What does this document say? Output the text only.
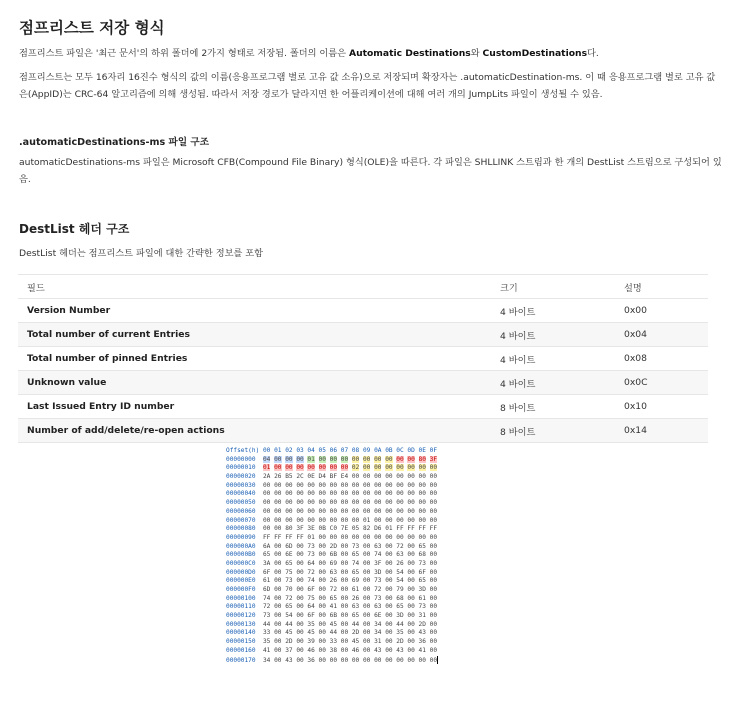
점프리스트 저장 형식
점프리스트 파일은 '최근 문서'의 하위 폴더에 2가지 형태로 저장됨. 폴더의 이름은 Automatic Destinations와 CustomDestinations다.
점프리스트는 모두 16자리 16진수 형식의 값의 이름(응용프로그램 별로 고유 값 소유)으로 저장되며 확장자는 .automaticDestination-ms. 이 때 응용프로그램 별로 고유 값은(AppID)는 CRC-64 알고리즘에 의해 생성됨. 따라서 저장 경로가 달라지면 한 어플리케이션에 대해 여러 개의 JumpLits 파일이 생성될 수 있음.
.automaticDestinations-ms 파일 구조
automaticDestinations-ms 파일은 Microsoft CFB(Compound File Binary) 형식(OLE)을 따른다. 각 파일은 SHLLINK 스트림과 한 개의 DestList 스트림으로 구성되어 있음.
DestList 헤더 구조
DestList 헤더는 점프리스트 파일에 대한 간략한 정보를 포함
필드	크기	설명
Version Number	4 바이트	0x00
Total number of current Entries	4 바이트	0x04
Total number of pinned Entries	4 바이트	0x08
Unknown value	4 바이트	0x0C
Last Issued Entry ID number	8 바이트	0x10
Number of add/delete/re-open actions	8 바이트	0x14
Offset(h) 00 01 02 03 04 05 06 07 08 09 0A 0B 0C 0D 0E 0F
00000000 04 00 00 00 01 00 00 00 00 00 00 00 00 00 80 3F
00000010 01 00 00 00 00 00 00 00 02 00 00 00 00 00 00 00
00000020 2A 26 B5 2C 0E D4 BF E4 00 00 00 00 00 00 00 00
00000030 00 00 00 00 00 00 00 00 00 00 00 00 00 00 00 00
00000040 00 00 00 00 00 00 00 00 00 00 00 00 00 00 00 00
00000050 00 00 00 00 00 00 00 00 00 00 00 00 00 00 00 00
00000060 00 00 00 00 00 00 00 00 00 00 00 00 00 00 00 00
00000070 00 00 00 00 00 00 00 00 00 01 00 00 00 00 00 00
00000080 00 00 80 3F 3E 0B C0 7E 05 82 D6 01 FF FF FF FF
00000090 FF FF FF FF 01 00 00 00 00 00 00 00 00 00 00 00
000000A0 6A 00 6D 00 73 00 2D 00 73 00 63 00 72 00 65 00
000000B0 65 00 6E 00 73 00 6B 00 65 00 74 00 63 00 68 00
000000C0 3A 00 65 00 64 00 69 00 74 00 3F 00 26 00 73 00
000000D0 6F 00 75 00 72 00 63 00 65 00 3D 00 54 00 6F 00
000000E0 61 00 73 00 74 00 26 00 69 00 73 00 54 00 65 00
000000F0 6D 00 70 00 6F 00 72 00 61 00 72 00 79 00 3D 00
00000100 74 00 72 00 75 00 65 00 26 00 73 00 68 00 61 00
00000110 72 00 65 00 64 00 41 00 63 00 63 00 65 00 73 00
00000120 73 00 54 00 6F 00 6B 00 65 00 6E 00 3D 00 31 00
00000130 44 00 44 00 35 00 45 00 44 00 34 00 44 00 2D 00
00000140 33 00 45 00 45 00 44 00 2D 00 34 00 35 00 43 00
00000150 35 00 2D 00 39 00 33 00 45 00 31 00 2D 00 36 00
00000160 41 00 37 00 46 00 38 00 46 00 43 00 43 00 41 00
00000170 34 00 43 00 36 00 00 00 00 00 00 00 00 00 00 00
